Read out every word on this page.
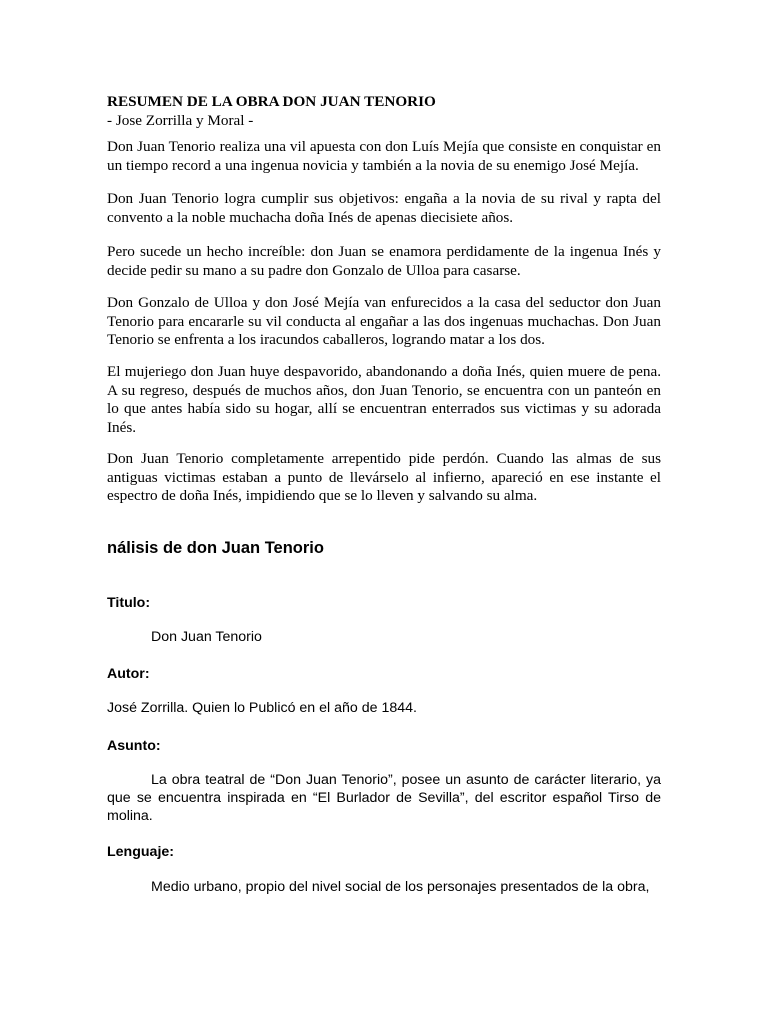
RESUMEN DE LA OBRA DON JUAN TENORIO
- Jose Zorrilla y Moral -

Don Juan Tenorio realiza una vil apuesta con don Luís Mejía que consiste en conquistar en un tiempo record a una ingenua novicia y también a la novia de su enemigo José Mejía.

Don Juan Tenorio logra cumplir sus objetivos: engaña a la novia de su rival y rapta del convento a la noble muchacha doña Inés de apenas diecisiete años.

Pero sucede un hecho increíble: don Juan se enamora perdidamente de la ingenua Inés y decide pedir su mano a su padre don Gonzalo de Ulloa para casarse.

Don Gonzalo de Ulloa y don José Mejía van enfurecidos a la casa del seductor don Juan Tenorio para encararle su vil conducta al engañar a las dos ingenuas muchachas. Don Juan Tenorio se enfrenta a los iracundos caballeros, logrando matar a los dos.

El mujeriego don Juan huye despavorido, abandonando a doña Inés, quien muere de pena. A su regreso, después de muchos años, don Juan Tenorio, se encuentra con un panteón en lo que antes había sido su hogar, allí se encuentran enterrados sus victimas y su adorada Inés.

Don Juan Tenorio completamente arrepentido pide perdón. Cuando las almas de sus antiguas victimas estaban a punto de llevárselo al infierno, apareció en ese instante el espectro de doña Inés, impidiendo que se lo lleven y salvando su alma.

nálisis de don Juan Tenorio
Titulo:
Don Juan Tenorio
Autor:
José Zorrilla. Quien lo Publicó en el año de 1844.
Asunto:

La obra teatral de “Don Juan Tenorio”, posee un asunto de carácter literario, ya que se encuentra inspirada en “El Burlador de Sevilla”, del escritor español Tirso de molina.

Lenguaje:

Medio urbano, propio del nivel social de los personajes presentados de la obra,
